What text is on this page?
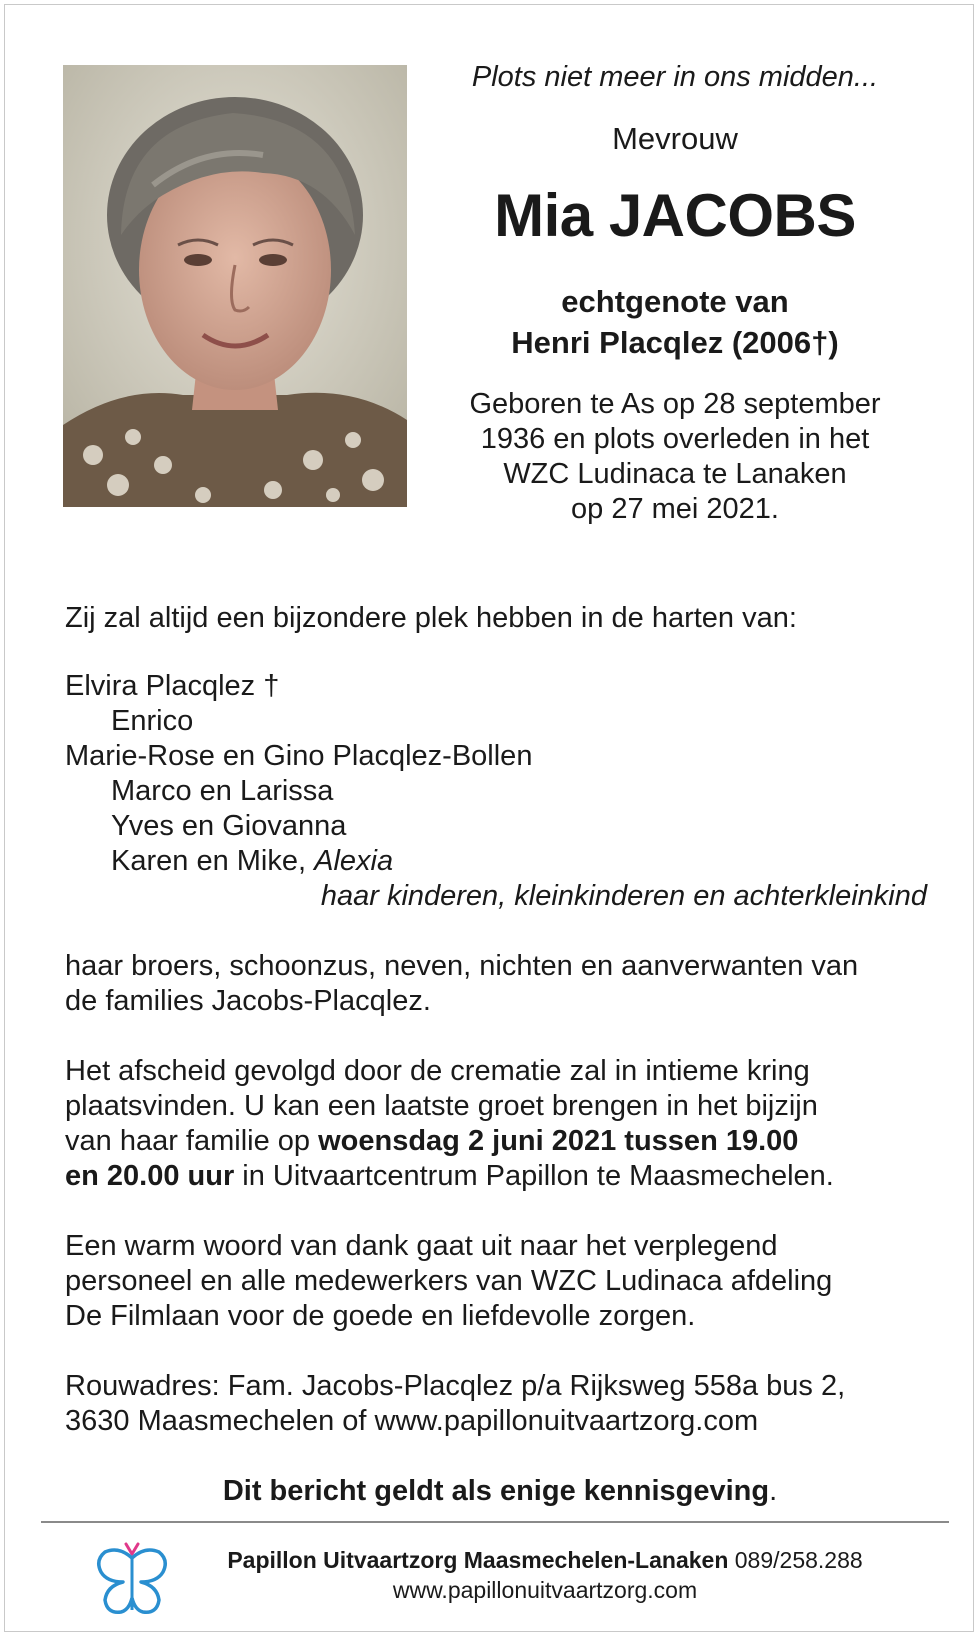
Plots niet meer in ons midden...

Mevrouw

Mia JACOBS

echtgenote van
Henri Placqlez (2006†)

Geboren te As op 28 september
1936 en plots overleden in het
WZC Ludinaca te Lanaken
op 27 mei 2021.

Zij zal altijd een bijzondere plek hebben in de harten van:

Elvira Placqlez †
Enrico
Marie-Rose en Gino Placqlez-Bollen
Marco en Larissa
Yves en Giovanna
Karen en Mike, Alexia
haar kinderen, kleinkinderen en achterkleinkind

haar broers, schoonzus, neven, nichten en aanverwanten van
de families Jacobs-Placqlez.

Het afscheid gevolgd door de crematie zal in intieme kring
plaatsvinden. U kan een laatste groet brengen in het bijzijn
van haar familie op woensdag 2 juni 2021 tussen 19.00
en 20.00 uur in Uitvaartcentrum Papillon te Maasmechelen.

Een warm woord van dank gaat uit naar het verplegend
personeel en alle medewerkers van WZC Ludinaca afdeling
De Filmlaan voor de goede en liefdevolle zorgen.

Rouwadres: Fam. Jacobs-Placqlez p/a Rijksweg 558a bus 2,
3630 Maasmechelen of www.papillonuitvaartzorg.com

Dit bericht geldt als enige kennisgeving.

Papillon Uitvaartzorg Maasmechelen-Lanaken 089/258.288
www.papillonuitvaartzorg.com
